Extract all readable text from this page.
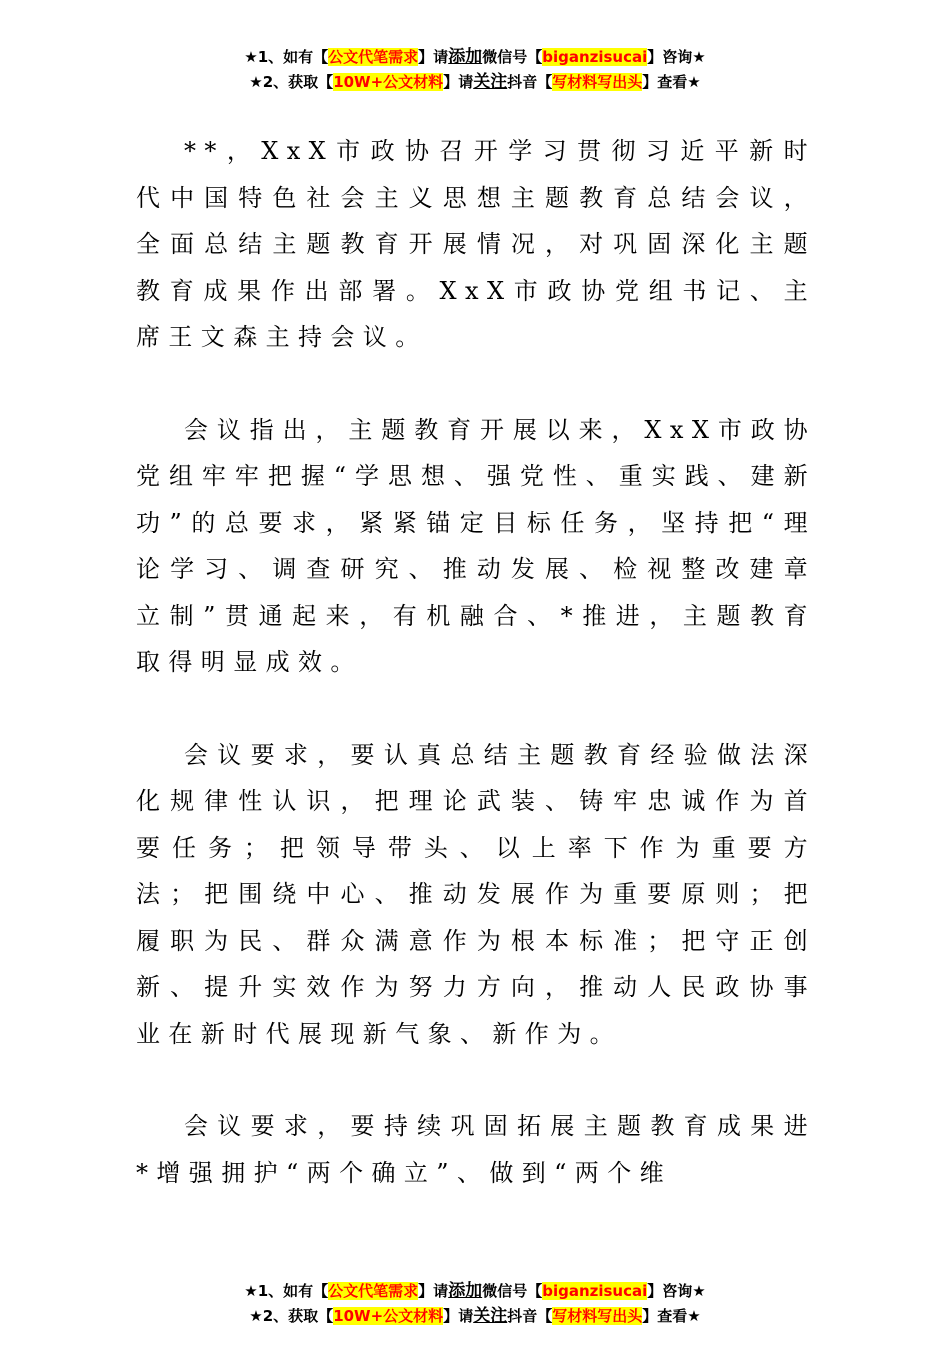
★1、如有【公文代笔需求】请添加微信号【biganzisucai】咨询★
★2、获取【10W+公文材料】请关注抖音【写材料写出头】查看★

**，XxX市政协召开学习贯彻习近平新时代中国特色社会主义思想主题教育总结会议，全面总结主题教育开展情况，对巩固深化主题教育成果作出部署。XxX市政协党组书记、主席王文森主持会议。

会议指出，主题教育开展以来，XxX市政协党组牢牢把握“学思想、强党性、重实践、建新功”的总要求，紧紧锚定目标任务，坚持把“理论学习、调查研究、推动发展、检视整改建章立制”贯通起来，有机融合、*推进，主题教育取得明显成效。

会议要求，要认真总结主题教育经验做法深化规律性认识，把理论武装、铸牢忠诚作为首要任务；把领导带头、以上率下作为重要方法；把围绕中心、推动发展作为重要原则；把履职为民、群众满意作为根本标准；把守正创新、提升实效作为努力方向，推动人民政协事业在新时代展现新气象、新作为。

会议要求，要持续巩固拓展主题教育成果进*增强拥护“两个确立”、做到“两个维

★1、如有【公文代笔需求】请添加微信号【biganzisucai】咨询★
★2、获取【10W+公文材料】请关注抖音【写材料写出头】查看★
